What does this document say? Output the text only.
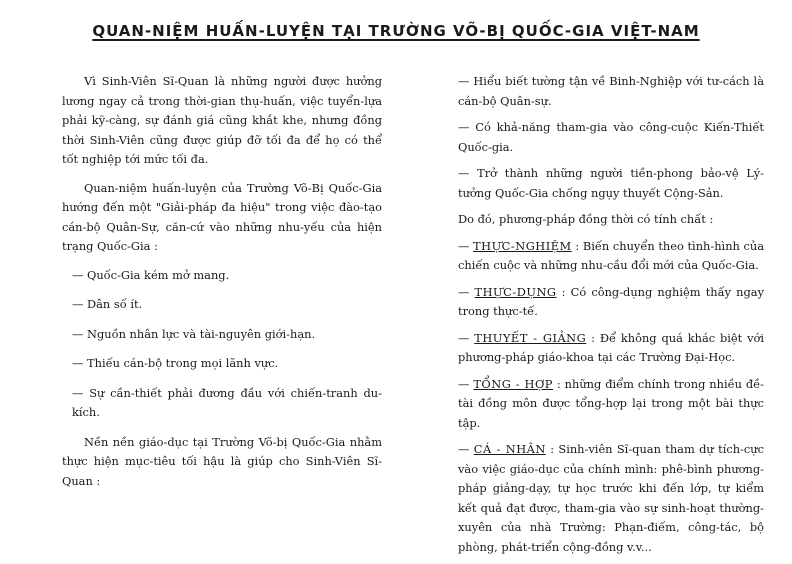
QUAN-NIỆM HUẤN-LUYỆN TẠI TRƯỜNG VÕ-BỊ QUỐC-GIA VIỆT-NAM

Vì Sinh-Viên Sĩ-Quan là những người được hưởng lương ngay cả trong thời-gian thụ-huấn, việc tuyển-lựa phải kỹ-càng, sự đánh giá cũng khắt khe, nhưng đồng thời Sinh-Viên cũng được giúp đỡ tối đa để họ có thể tốt nghiệp tới mức tối đa.

Quan-niệm huấn-luyện của Trường Võ-Bị Quốc-Gia hướng đến một "Giải-pháp đa hiệu" trong việc đào-tạo cán-bộ Quân-Sự, căn-cứ vào những nhu-yếu của hiện trạng Quốc-Gia :

— Quốc-Gia kém mở mang.
— Dân số ít.
— Nguồn nhân lực và tài-nguyên giới-hạn.
— Thiếu cán-bộ trong mọi lãnh vực.
— Sự cần-thiết phải đương đầu với chiến-tranh du-kích.

Nền nền giáo-dục tại Trường Võ-bị Quốc-Gia nhằm thực hiện mục-tiêu tối hậu là giúp cho Sinh-Viên Sĩ-Quan :

— Hiểu biết tường tận về Binh-Nghiệp với tư-cách là cán-bộ Quân-sự.
— Có khả-năng tham-gia vào công-cuộc Kiến-Thiết Quốc-gia.
— Trở thành những người tiền-phong bảo-vệ Lý-tưởng Quốc-Gia chống ngụy thuyết Cộng-Sản.
Do đó, phương-pháp đồng thời có tính chất :
— THỰC-NGHIỆM : Biến chuyển theo tình-hình của chiến cuộc và những nhu-cầu đổi mới của Quốc-Gia.
— THỰC-DỤNG : Có công-dụng nghiệm thấy ngay trong thực-tế.
— THUYẾT - GIẢNG : Để không quá khác biệt với phương-pháp giáo-khoa tại các Trường Đại-Học.
— TỔNG - HỢP : những điểm chính trong nhiều đề-tài đồng môn được tổng-hợp lại trong một bài thực tập.
— CÁ - NHÂN : Sinh-viên Sĩ-quan tham dự tích-cực vào việc giáo-dục của chính mình: phê-bình phương-pháp giảng-dạy, tự học trước khi đến lớp, tự kiểm kết quả đạt được, tham-gia vào sự sinh-hoạt thường-xuyên của nhà Trường: Phạn-điếm, công-tác, bộ phòng, phát-triển cộng-đồng v.v...
